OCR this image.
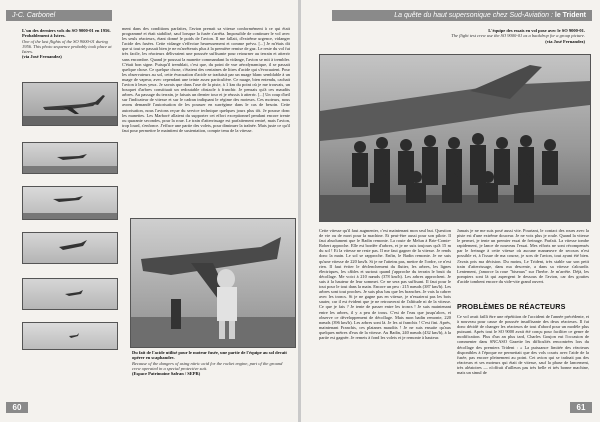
J-C. Carbonel
L'un des derniers vols du SO 9000-01 en 1956. Probablement à Istres.
One of the last flights of the SO 9000-01 during 1956. This photo sequence probably took place at Istres.
(via José Fernandez)
ment dans des conditions parfaites, l'avion prenait sa vitesse conformément à ce qui était programmé et était stabilisé, sauf lorsque la fusée s'arrêta. Impossible de continuer le vol avec les seuls réacteurs, étant donné le poids de l'avion. Il me fallait, d'extrême urgence, vidanger l'acide des fusées. Cette vidange s'effectue heureusement et comme prévu. [...] Je m'étais dit que si tout se passait bien je ne m'arrêterais plus à la première remise de gaz. Le reste du vol fut très facile, les réacteurs délivraient une poussée suffisante pour retourner au terrain et atterrir sans encombre. Quand je poussai la manette commandant la vidange, l'avion se mit à trembler. C'était bon signe. Puisqu'il tremblait, c'est que, du point de vue aérodynamique, il se passait quelque chose. Ce quelque chose, c'étaient des centaines de litres d'acide qui s'évacuaient. Pour les observateurs au sol, cette évacuation d'acide se traduisit par un nuage blanc semblable à un nuage de vapeur, avec cependant une teinte assez particulière. Ce nuage, bien entendu, cachait l'avion à leurs yeux. Je savais que dans l'axe de la piste, à 1 km du point où je me trouvais, un bouquet d'arbres constituait un redoutable obstacle à franchir. Je pensais qu'à ces maudits arbres. Au passage du terrain, je faisais un dernier tour et je réussis à atterrir. [...] Un coup d'œil sur l'indicateur de vitesse et sur le cadran indiquant le régime des moteurs. Ces moteurs, nous avons demandé l'autorisation de les pousser en surrégime dans le cas de besoin. Cette autorisation, nous l'avions reçue du service technique quelques jours plus tôt. Je pousse donc les manettes. Les Marboré allaient du supporter cet effort exceptionnel pendant encore trente ou quarante secondes, pour la roue. Le train d'atterrissage est parfaitement rentré, mais l'avion, trop lourd, s'enfonce. J'efface une partie des volets, pour diminuer la traînée. Mais juste ce qu'il faut pour permettre le maintient de sustentation, compte tenu de la vitesse.
Du fait de l'acide utilisé pour le moteur fusée, une partie de l'équipe au sol devait opérer en scaphandre.
Because of the dangers of using nitric acid for the rocket engine, part of the ground crew operated in a special protective suit.
(Espace Patrimoine Safran / SEPR)
60
La quête du haut supersonique chez Sud-Aviation : le Trident
L'équipe des essais en vol pose avec le SO 9000-01.
The flight test crew use the SO 9000-01 as a backdrop for a group picture.
(via José Fernandez)
Cette vitesse qu'il faut augmenter, c'est maintenant mon seul but. Question de vie ou de mort pour la machine. Et peut-être aussi pour son pilote. Il faut absolument que le Badin remonte. La route de Melun à Brie-Comte-Robert approche. Elle est bordée d'arbres, et je ne suis toujours qu'à 15 m du sol ! Et la vitesse ne reste pas. Il me faut gagner de la vitesse. Je rends donc la main. Le sol se rapproche. Enfin, le Badin remonte. Je ne suis qu'une vitesse de 220 km/h. Si je ne l'atteins pas, mettre de l'ordre, ce n'est rien. Il faut éviter le déclenchement du flutter, les arbres, les lignes électriques, les câbles et surtout quand j'approche du terrain le bruit du décollage. Me voici à 210 nœuds (378 km/h). Les arbres approchent. Je suis à la hauteur de leur sommet. Ce ne sera pas suffisant. Il faut pour le tout pour le tout dans la main. Encore un peu : 215 nœuds (387 km/h). Les arbres sont tout proches. Je suis plus bas que les branches. Je vais la cabrer avec les troncs. Si je ne gagne pas en vitesse, je n'essaierai pas les bois sauter, car il est évident que je ne retrouverai de l'altitude ni de la vitesse. Ce que je fais ? Je tente de passer entre les troncs ! Je suis maintenant entre les arbres, il y a peu de trous. C'est de l'eau que jusqu'alors, et observe ce développement de décollage. Mais mon badin remonte, 220 nœuds (396 km/h). Les arbres sont là. Je les ai franchis ! C'est fini. Après, maintenant Franchis, ces platanes maudits ! Je ne suis ensuite qu'aux quelques mètres d'eux de la vitesse. Au Badin, 240 nœuds (432 km/h), à la partie est gagnée. Je remets à fond les volets et je remonte à hauteur.
Jamais je ne me suis posé aussi vite. Pourtant, le contact des roues avec la piste est d'une extrême douceur. Je ne vois plus je roule. Quand la vitesse le permet, je tente un premier essai de freinage. Parfait. La vitesse tombe rapidement, je lance de nouveau l'essai. Mes efforts ne sont récompensés par le freinage à cette vitesse où aucune manœuvre de secours n'est possible et, à l'issue de ma course, je sors de l'avion, tout ayant été bien. J'avais pris ma décision. Du moins, Le Trident, très stable sur son petit train d'atterrissage, dans ma descente, a dans sa vitesse s'alourdir. Lentement, j'amorce la roue "biseaux" sur l'herbe. Je m'arrête. Déjà, les pompiers sont là qui aspergent le dessous de l'avion, car des gouttes d'acide tombent encore du vide-vite grand ouvert.
PROBLÈMES DE RÉACTEURS
Ce vol avait failli être une répétition de l'accident de l'année précédente, et à nouveau pour cause de poussée insuffisante des deux réacteurs. Il fut donc décidé de changer les réacteurs de tout d'abord pour un modèle plus puissant. Après tout le SO 9000 avait été conçu pour faciliter ce genre de modification. Plus d'un an plus tard, Charles Goujon eut l'occasion de commenter dans SNCASO Gazette les difficultés rencontrées lors du décollage des premiers Trident : « La puissance limitée des réacteurs disponibles à l'époque ne permettait que des vols courts avec l'aide de la fusée, pas encore pleinement au point. Cet avion qui se traînait pas des réacteurs et ses moteurs qui était de vitesse, sauf la phase de lancement, très aléatoires — n'offrait d'ailleurs pas très belle et très bonne machine, mais un simul de
61
